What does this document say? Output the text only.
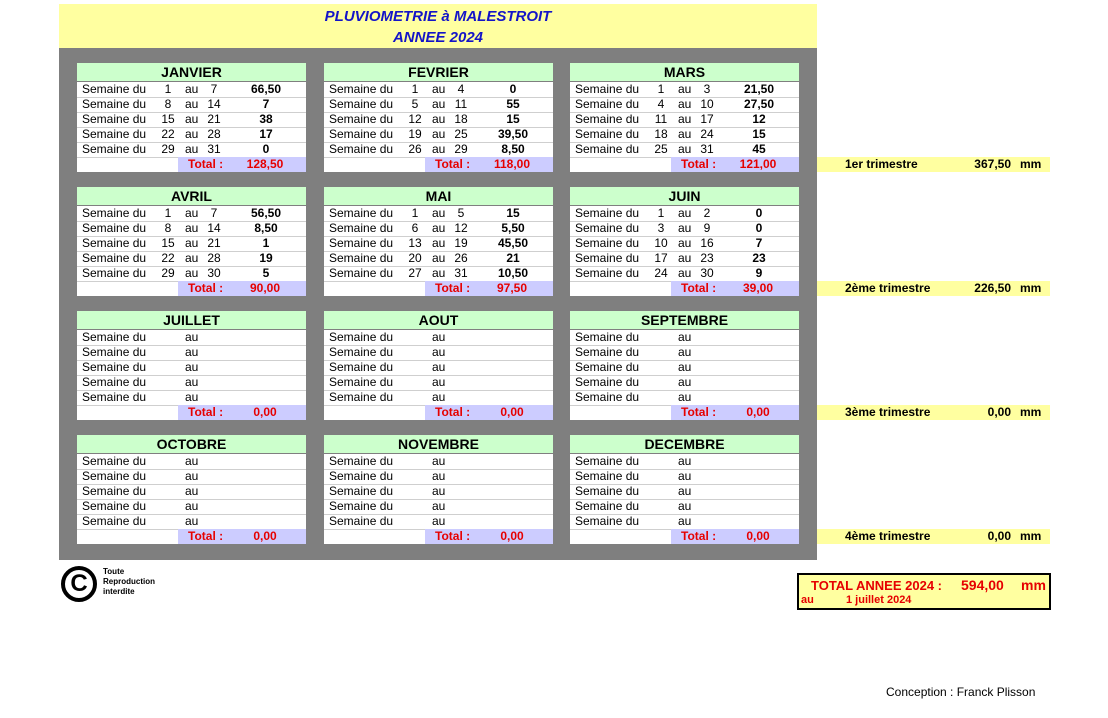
PLUVIOMETRIE à MALESTROIT
ANNEE 2024
JANVIER
Semaine du	1	au	7	66,50
Semaine du	8	au 14	7
Semaine du 15 au 21	38
Semaine du 22 au 28	17
Semaine du 29 au 31	0
Total :	128,50
FEVRIER
Semaine du	1	au	4	0
Semaine du	5	au 11	55
Semaine du 12 au 18	15
Semaine du 19 au 25	39,50
Semaine du 26 au 29	8,50
Total :	118,00
MARS
Semaine du	1	au	3	21,50
Semaine du	4	au 10	27,50
Semaine du 11 au 17	12
Semaine du 18 au 24	15
Semaine du 25 au 31	45
Total :	121,00
AVRIL
Semaine du	1	au	7	56,50
Semaine du	8	au 14	8,50
Semaine du 15 au 21	1
Semaine du 22 au 28	19
Semaine du 29 au 30	5
Total :	90,00
MAI
Semaine du	1	au	5	15
Semaine du	6	au 12	5,50
Semaine du 13 au 19	45,50
Semaine du 20 au 26	21
Semaine du 27 au 31	10,50
Total :	97,50
JUIN
Semaine du	1	au	2	0
Semaine du	3	au	9	0
Semaine du 10 au 16	7
Semaine du 17 au 23	23
Semaine du 24 au 30	9
Total :	39,00
JUILLET
Semaine du	au
Semaine du	au
Semaine du	au
Semaine du	au
Semaine du	au
Total :	0,00
AOUT
Semaine du	au
Semaine du	au
Semaine du	au
Semaine du	au
Semaine du	au
Total :	0,00
SEPTEMBRE
Semaine du	au
Semaine du	au
Semaine du	au
Semaine du	au
Semaine du	au
Total :	0,00
OCTOBRE
Semaine du	au
Semaine du	au
Semaine du	au
Semaine du	au
Semaine du	au
Total :	0,00
NOVEMBRE
Semaine du	au
Semaine du	au
Semaine du	au
Semaine du	au
Semaine du	au
Total :	0,00
DECEMBRE
Semaine du	au
Semaine du	au
Semaine du	au
Semaine du	au
Semaine du	au
Total :	0,00
1er trimestre	367,50 mm
2ème trimestre	226,50 mm
3ème trimestre	0,00 mm
4ème trimestre	0,00 mm
C	Toute
Reproduction
interdite	TOTAL ANNEE 2024 : 594,00 mm
au	1 juillet 2024
Conception : Franck Plisson
